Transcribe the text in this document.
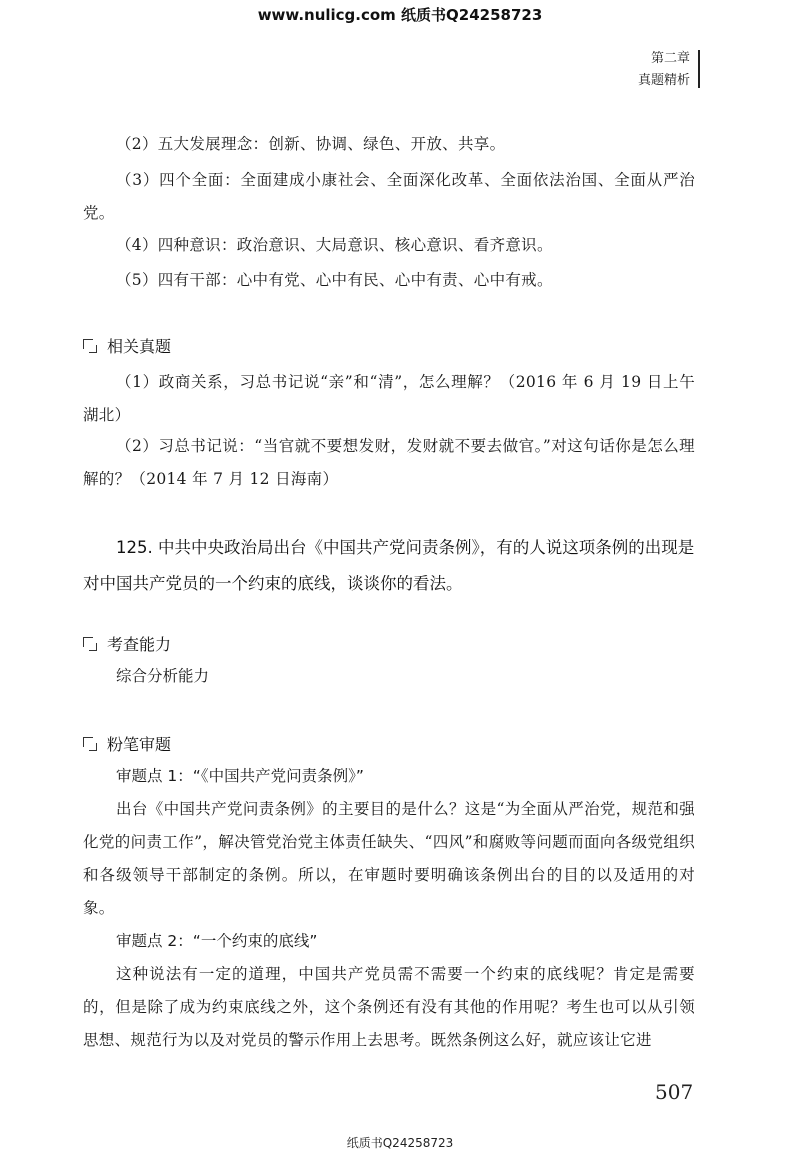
www.nulicg.com 纸质书Q24258723
第二章
真题精析
（2）五大发展理念：创新、协调、绿色、开放、共享。
（3）四个全面：全面建成小康社会、全面深化改革、全面依法治国、全面从严治党。
（4）四种意识：政治意识、大局意识、核心意识、看齐意识。
（5）四有干部：心中有党、心中有民、心中有责、心中有戒。
相关真题
（1）政商关系，习总书记说“亲”和“清”，怎么理解？（2016 年 6 月 19 日上午 湖北）
（2）习总书记说：“当官就不要想发财，发财就不要去做官。”对这句话你是怎么理解的？（2014 年 7 月 12 日海南）
125. 中共中央政治局出台《中国共产党问责条例》，有的人说这项条例的出现是对中国共产党员的一个约束的底线，谈谈你的看法。
考查能力
综合分析能力
粉笔审题
审题点 1：“《中国共产党问责条例》”
出台《中国共产党问责条例》的主要目的是什么？这是“为全面从严治党，规范和强化党的问责工作”，解决管党治党主体责任缺失、“四风”和腐败等问题而面向各级党组织和各级领导干部制定的条例。所以，在审题时要明确该条例出台的目的以及适用的对象。
审题点 2：“一个约束的底线”
这种说法有一定的道理，中国共产党员需不需要一个约束的底线呢？肯定是需要的，但是除了成为约束底线之外，这个条例还有没有其他的作用呢？考生也可以从引领思想、规范行为以及对党员的警示作用上去思考。既然条例这么好，就应该让它进
507
纸质书Q24258723
